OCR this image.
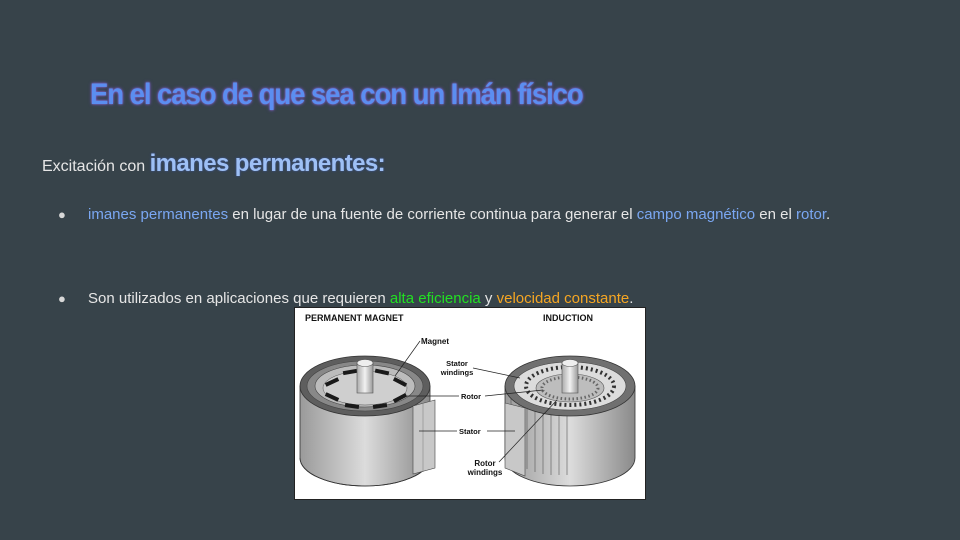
En el caso de que sea con un Imán físico
Excitación con imanes permanentes:
● imanes permanentes en lugar de una fuente de corriente continua para generar el campo magnético en el rotor.
● Son utilizados en aplicaciones que requieren alta eficiencia y velocidad constante.
PERMANENT MAGNET	INDUCTION
Magnet
Stator
windings
Rotor
Stator
Rotor
windings
